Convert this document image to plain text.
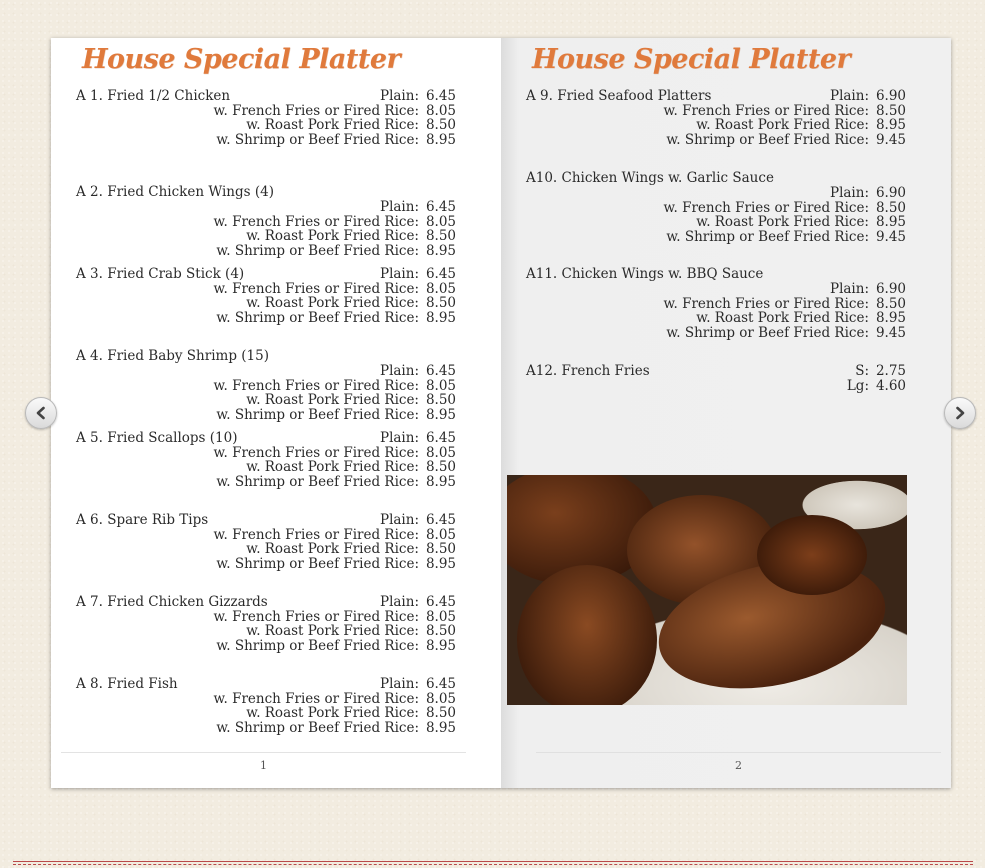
House Special Platter
A 1. Fried 1/2 Chicken	Plain: 6.45
w. French Fries or Fired Rice: 8.05
w. Roast Pork Fried Rice: 8.50
w. Shrimp or Beef Fried Rice: 8.95
A 2. Fried Chicken Wings (4)
Plain: 6.45
w. French Fries or Fired Rice: 8.05
w. Roast Pork Fried Rice: 8.50
w. Shrimp or Beef Fried Rice: 8.95
A 3. Fried Crab Stick (4)	Plain: 6.45
w. French Fries or Fired Rice: 8.05
w. Roast Pork Fried Rice: 8.50
w. Shrimp or Beef Fried Rice: 8.95
A 4. Fried Baby Shrimp (15)
Plain: 6.45
w. French Fries or Fired Rice: 8.05
w. Roast Pork Fried Rice: 8.50
w. Shrimp or Beef Fried Rice: 8.95
A 5. Fried Scallops (10)	Plain: 6.45
w. French Fries or Fired Rice: 8.05
w. Roast Pork Fried Rice: 8.50
w. Shrimp or Beef Fried Rice: 8.95
A 6. Spare Rib Tips	Plain: 6.45
w. French Fries or Fired Rice: 8.05
w. Roast Pork Fried Rice: 8.50
w. Shrimp or Beef Fried Rice: 8.95
A 7. Fried Chicken Gizzards	Plain: 6.45
w. French Fries or Fired Rice: 8.05
w. Roast Pork Fried Rice: 8.50
w. Shrimp or Beef Fried Rice: 8.95
A 8. Fried Fish	Plain: 6.45
w. French Fries or Fired Rice: 8.05
w. Roast Pork Fried Rice: 8.50
w. Shrimp or Beef Fried Rice: 8.95
1
House Special Platter
A 9. Fried Seafood Platters	Plain: 6.90
w. French Fries or Fired Rice: 8.50
w. Roast Pork Fried Rice: 8.95
w. Shrimp or Beef Fried Rice: 9.45
A10. Chicken Wings w. Garlic Sauce
Plain: 6.90
w. French Fries or Fired Rice: 8.50
w. Roast Pork Fried Rice: 8.95
w. Shrimp or Beef Fried Rice: 9.45
A11. Chicken Wings w. BBQ Sauce
Plain: 6.90
w. French Fries or Fired Rice: 8.50
w. Roast Pork Fried Rice: 8.95
w. Shrimp or Beef Fried Rice: 9.45
A12. French Fries	S: 2.75
Lg: 4.60
2
